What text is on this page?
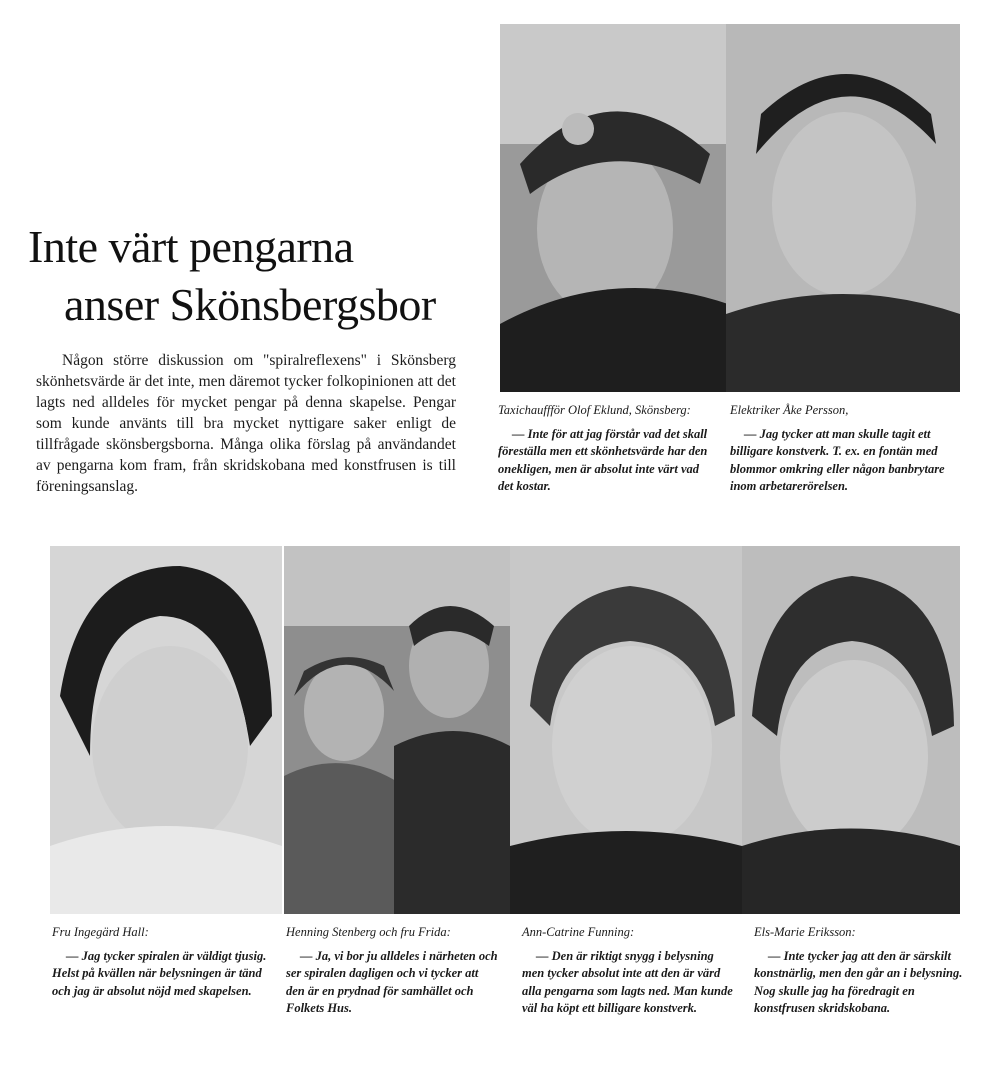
Inte värt pengarna
anser Skönsbergsbor
Någon större diskussion om "spiralreflexens" i Skönsberg skönhetsvärde är det inte, men däremot tycker folkopinionen att det lagts ned alldeles för mycket pengar på denna skapelse. Pengar som kunde använts till bra mycket nyttigare saker enligt de tillfrågade skönsbergsborna. Många olika förslag på användandet av pengarna kom fram, från skridskobana med konstfrusen is till föreningsanslag.
Taxichauffför Olof Eklund, Skönsberg:
— Inte för att jag förstår vad det skall föreställa men ett skönhetsvärde har den onekligen, men är absolut inte värt vad det kostar.
Elektriker Åke Persson,
— Jag tycker att man skulle tagit ett billigare konstverk. T. ex. en fontän med blommor omkring eller någon banbrytare inom arbetarerörelsen.
Fru Ingegärd Hall:
— Jag tycker spiralen är väldigt tjusig. Helst på kvällen när belysningen är tänd och jag är absolut nöjd med skapelsen.
Henning Stenberg och fru Frida:
— Ja, vi bor ju alldeles i närheten och ser spiralen dagligen och vi tycker att den är en prydnad för samhället och Folkets Hus.
Ann-Catrine Funning:
— Den är riktigt snygg i belysning men tycker absolut inte att den är värd alla pengarna som lagts ned. Man kunde väl ha köpt ett billigare konstverk.
Els-Marie Eriksson:
— Inte tycker jag att den är särskilt konstnärlig, men den går an i belysning. Nog skulle jag ha föredragit en konstfrusen skridskobana.
